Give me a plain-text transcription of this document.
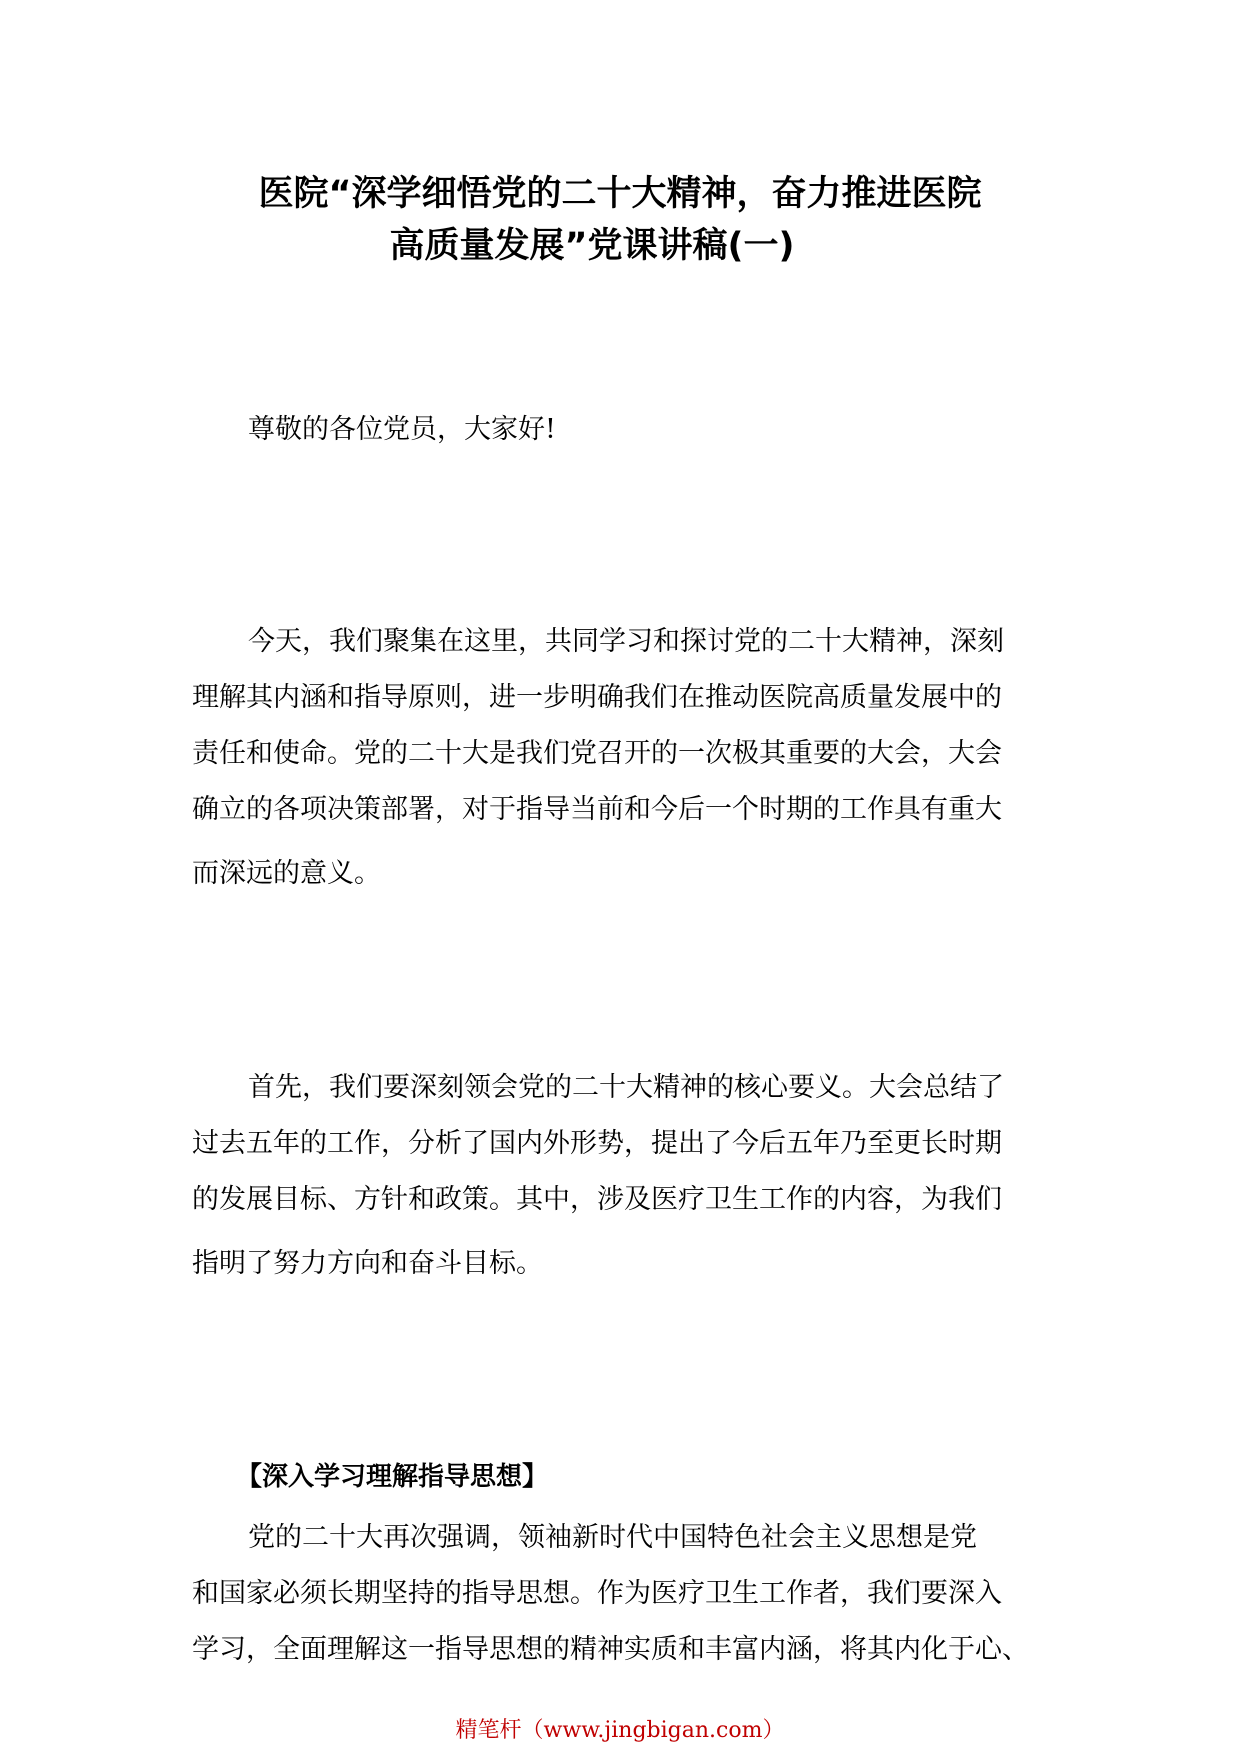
医院“深学细悟党的二十大精神，奋力推进医院
高质量发展”党课讲稿(一)
尊敬的各位党员，大家好!
今天，我们聚集在这里，共同学习和探讨党的二十大精神，深刻
理解其内涵和指导原则，进一步明确我们在推动医院高质量发展中的
责任和使命。党的二十大是我们党召开的一次极其重要的大会，大会
确立的各项决策部署，对于指导当前和今后一个时期的工作具有重大
而深远的意义。
首先，我们要深刻领会党的二十大精神的核心要义。大会总结了
过去五年的工作，分析了国内外形势，提出了今后五年乃至更长时期
的发展目标、方针和政策。其中，涉及医疗卫生工作的内容，为我们
指明了努力方向和奋斗目标。
【深入学习理解指导思想】
党的二十大再次强调，领袖新时代中国特色社会主义思想是党
和国家必须长期坚持的指导思想。作为医疗卫生工作者，我们要深入
学习，全面理解这一指导思想的精神实质和丰富内涵，将其内化于心、
精笔杆（www.jingbigan.com）
